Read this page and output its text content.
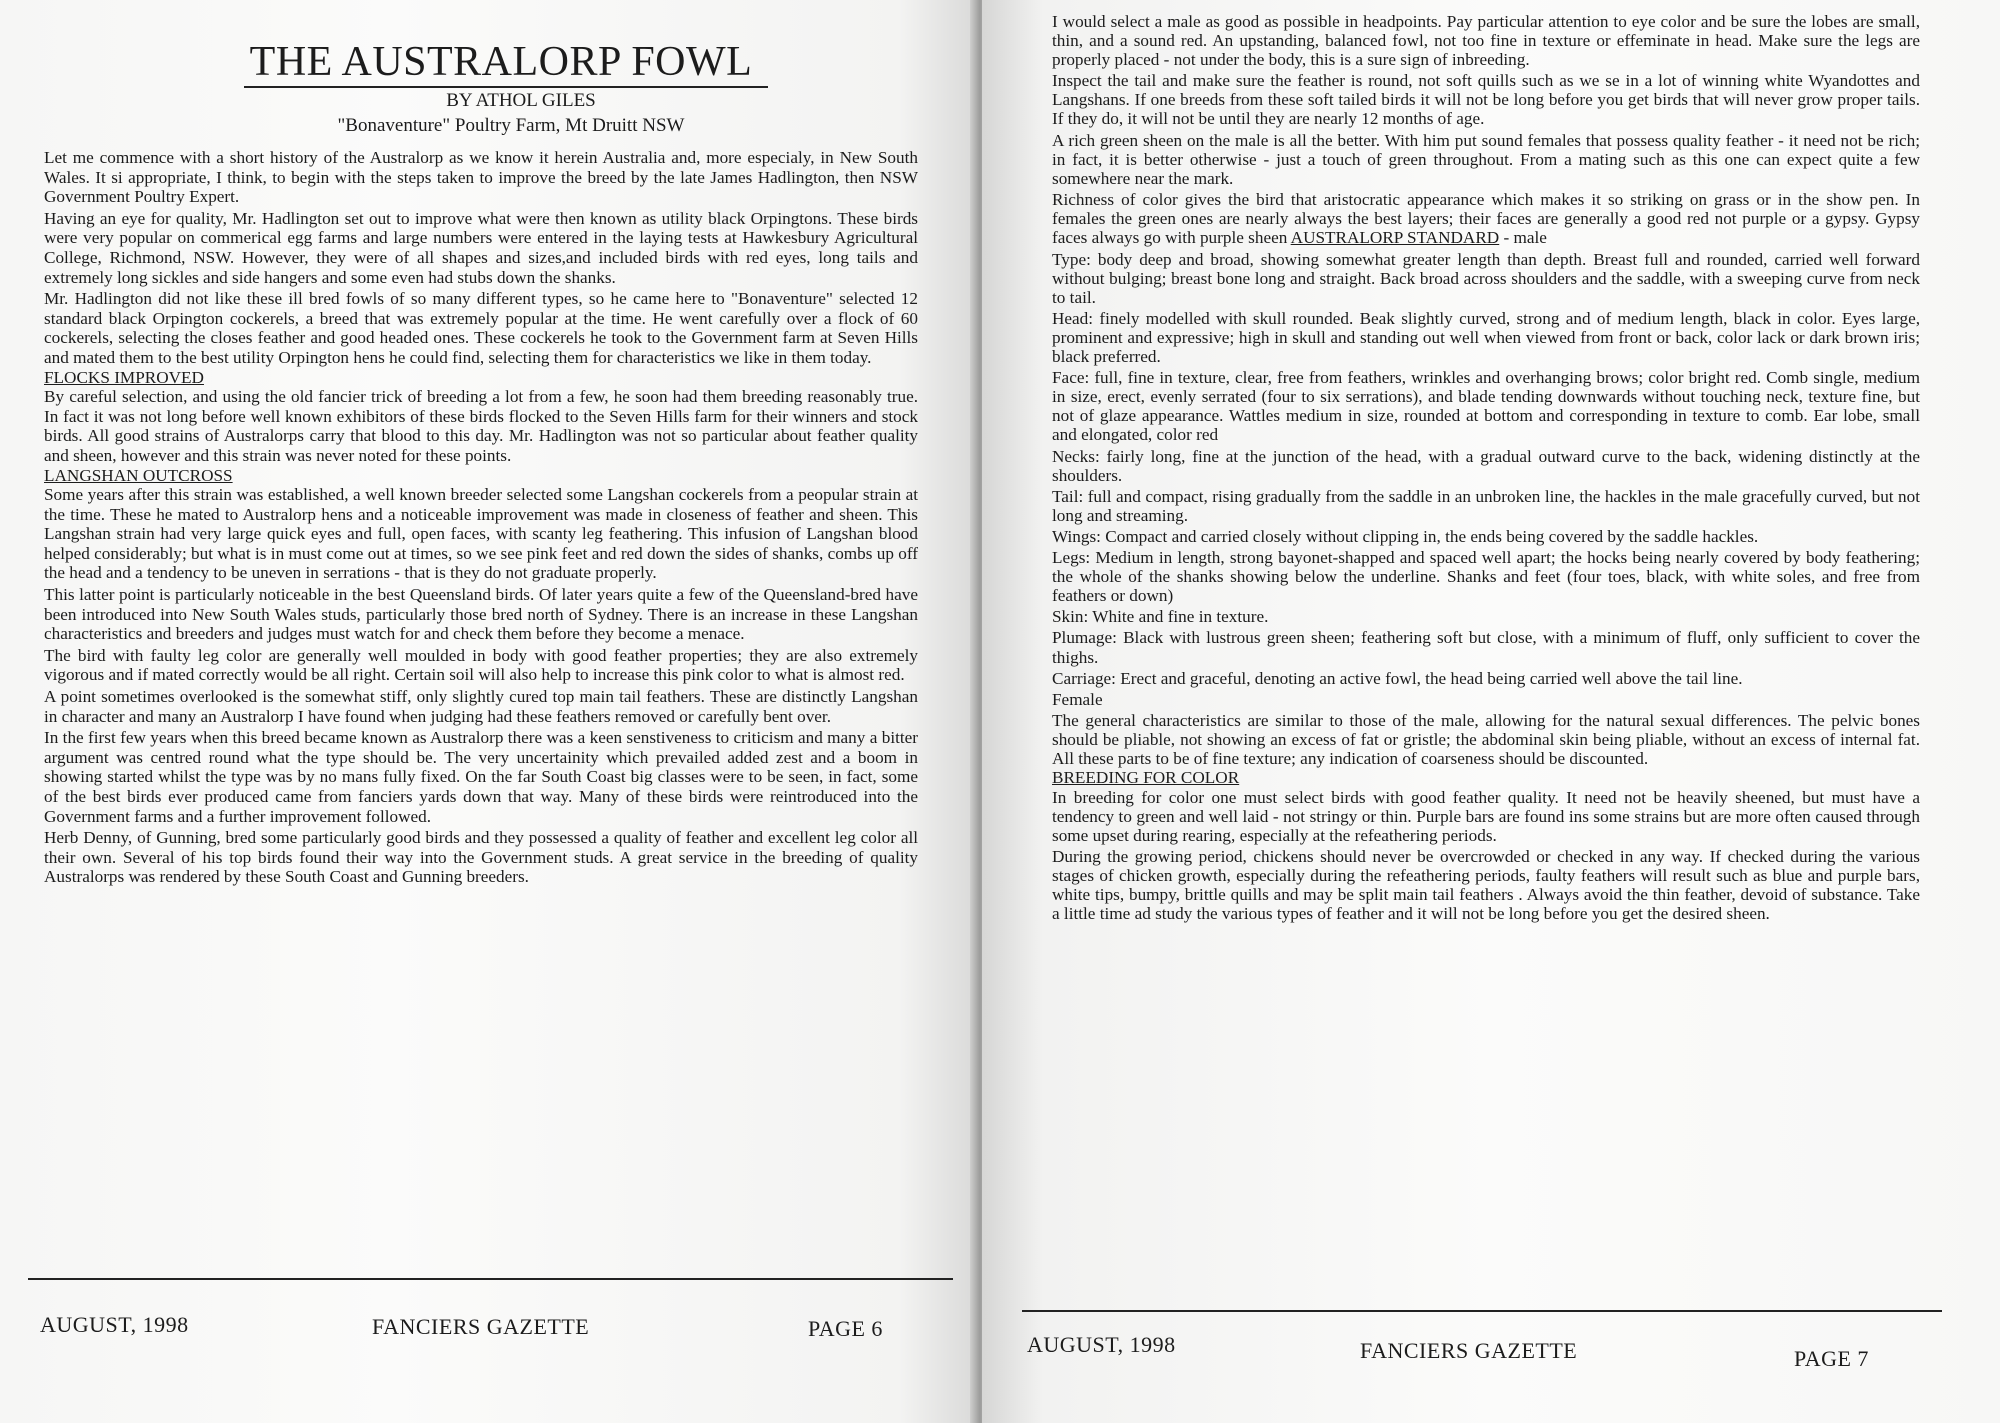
THE AUSTRALORP FOWL
BY ATHOL GILES
"Bonaventure" Poultry Farm, Mt Druitt NSW

Let me commence with a short history of the Australorp as we know it herein Australia and, more especialy, in New South Wales. It si appropriate, I think, to begin with the steps taken to improve the breed by the late James Hadlington, then NSW Government Poultry Expert.

Having an eye for quality, Mr. Hadlington set out to improve what were then known as utility black Orpingtons. These birds were very popular on commerical egg farms and large numbers were entered in the laying tests at Hawkesbury Agricultural College, Richmond, NSW. However, they were of all shapes and sizes,and included birds with red eyes, long tails and extremely long sickles and side hangers and some even had stubs down the shanks.

Mr. Hadlington did not like these ill bred fowls of so many different types, so he came here to "Bonaventure" selected 12 standard black Orpington cockerels, a breed that was extremely popular at the time. He went carefully over a flock of 60 cockerels, selecting the closes feather and good headed ones. These cockerels he took to the Government farm at Seven Hills and mated them to the best utility Orpington hens he could find, selecting them for characteristics we like in them today.

FLOCKS IMPROVED

By careful selection, and using the old fancier trick of breeding a lot from a few, he soon had them breeding reasonably true. In fact it was not long before well known exhibitors of these birds flocked to the Seven Hills farm for their winners and stock birds. All good strains of Australorps carry that blood to this day. Mr. Hadlington was not so particular about feather quality and sheen, however and this strain was never noted for these points.

LANGSHAN OUTCROSS

Some years after this strain was established, a well known breeder selected some Langshan cockerels from a peopular strain at the time. These he mated to Australorp hens and a noticeable improvement was made in closeness of feather and sheen. This Langshan strain had very large quick eyes and full, open faces, with scanty leg feathering. This infusion of Langshan blood helped considerably; but what is in must come out at times, so we see pink feet and red down the sides of shanks, combs up off the head and a tendency to be uneven in serrations - that is they do not graduate properly.

This latter point is particularly noticeable in the best Queensland birds. Of later years quite a few of the Queensland-bred have been introduced into New South Wales studs, particularly those bred north of Sydney. There is an increase in these Langshan characteristics and breeders and judges must watch for and check them before they become a menace.

The bird with faulty leg color are generally well moulded in body with good feather properties; they are also extremely vigorous and if mated correctly would be all right. Certain soil will also help to increase this pink color to what is almost red.

A point sometimes overlooked is the somewhat stiff, only slightly cured top main tail feathers. These are distinctly Langshan in character and many an Australorp I have found when judging had these feathers removed or carefully bent over.

In the first few years when this breed became known as Australorp there was a keen senstiveness to criticism and many a bitter argument was centred round what the type should be. The very uncertainity which prevailed added zest and a boom in showing started whilst the type was by no mans fully fixed. On the far South Coast big classes were to be seen, in fact, some of the best birds ever produced came from fanciers yards down that way. Many of these birds were reintroduced into the Government farms and a further improvement followed.

Herb Denny, of Gunning, bred some particularly good birds and they possessed a quality of feather and excellent leg color all their own. Several of his top birds found their way into the Government studs. A great service in the breeding of quality Australorps was rendered by these South Coast and Gunning breeders.

AUGUST, 1998	FANCIERS GAZETTE	PAGE 6
AUGUST, 1998	FANCIERS GAZETTE	PAGE 7

I would select a male as good as possible in headpoints. Pay particular attention to eye color and be sure the lobes are small, thin, and a sound red. An upstanding, balanced fowl, not too fine in texture or effeminate in head. Make sure the legs are properly placed - not under the body, this is a sure sign of inbreeding.

Inspect the tail and make sure the feather is round, not soft quills such as we se in a lot of winning white Wyandottes and Langshans. If one breeds from these soft tailed birds it will not be long before you get birds that will never grow proper tails. If they do, it will not be until they are nearly 12 months of age.

A rich green sheen on the male is all the better. With him put sound females that possess quality feather - it need not be rich; in fact, it is better otherwise - just a touch of green throughout. From a mating such as this one can expect quite a few somewhere near the mark.

Richness of color gives the bird that aristocratic appearance which makes it so striking on grass or in the show pen. In females the green ones are nearly always the best layers; their faces are generally a good red not purple or a gypsy. Gypsy faces always go with purple sheen AUSTRALORP STANDARD - male

Type: body deep and broad, showing somewhat greater length than depth. Breast full and rounded, carried well forward without bulging; breast bone long and straight. Back broad across shoulders and the saddle, with a sweeping curve from neck to tail.

Head: finely modelled with skull rounded. Beak slightly curved, strong and of medium length, black in color. Eyes large, prominent and expressive; high in skull and standing out well when viewed from front or back, color lack or dark brown iris; black preferred.

Face: full, fine in texture, clear, free from feathers, wrinkles and overhanging brows; color bright red. Comb single, medium in size, erect, evenly serrated (four to six serrations), and blade tending downwards without touching neck, texture fine, but not of glaze appearance. Wattles medium in size, rounded at bottom and corresponding in texture to comb. Ear lobe, small and elongated, color red

Necks: fairly long, fine at the junction of the head, with a gradual outward curve to the back, widening distinctly at the shoulders.

Tail: full and compact, rising gradually from the saddle in an unbroken line, the hackles in the male gracefully curved, but not long and streaming.

Wings: Compact and carried closely without clipping in, the ends being covered by the saddle hackles.

Legs: Medium in length, strong bayonet-shapped and spaced well apart; the hocks being nearly covered by body feathering; the whole of the shanks showing below the underline. Shanks and feet (four toes, black, with white soles, and free from feathers or down)

Skin: White and fine in texture.

Plumage: Black with lustrous green sheen; feathering soft but close, with a minimum of fluff, only sufficient to cover the thighs.

Carriage: Erect and graceful, denoting an active fowl, the head being carried well above the tail line.

Female

The general characteristics are similar to those of the male, allowing for the natural sexual differences. The pelvic bones should be pliable, not showing an excess of fat or gristle; the abdominal skin being pliable, without an excess of internal fat. All these parts to be of fine texture; any indication of coarseness should be discounted.

BREEDING FOR COLOR

In breeding for color one must select birds with good feather quality. It need not be heavily sheened, but must have a tendency to green and well laid - not stringy or thin. Purple bars are found ins some strains but are more often caused through some upset during rearing, especially at the refeathering periods.

During the growing period, chickens should never be overcrowded or checked in any way. If checked during the various stages of chicken growth, especially during the refeathering periods, faulty feathers will result such as blue and purple bars, white tips, bumpy, brittle quills and may be split main tail feathers . Always avoid the thin feather, devoid of substance. Take a little time ad study the various types of feather and it will not be long before you get the desired sheen.
